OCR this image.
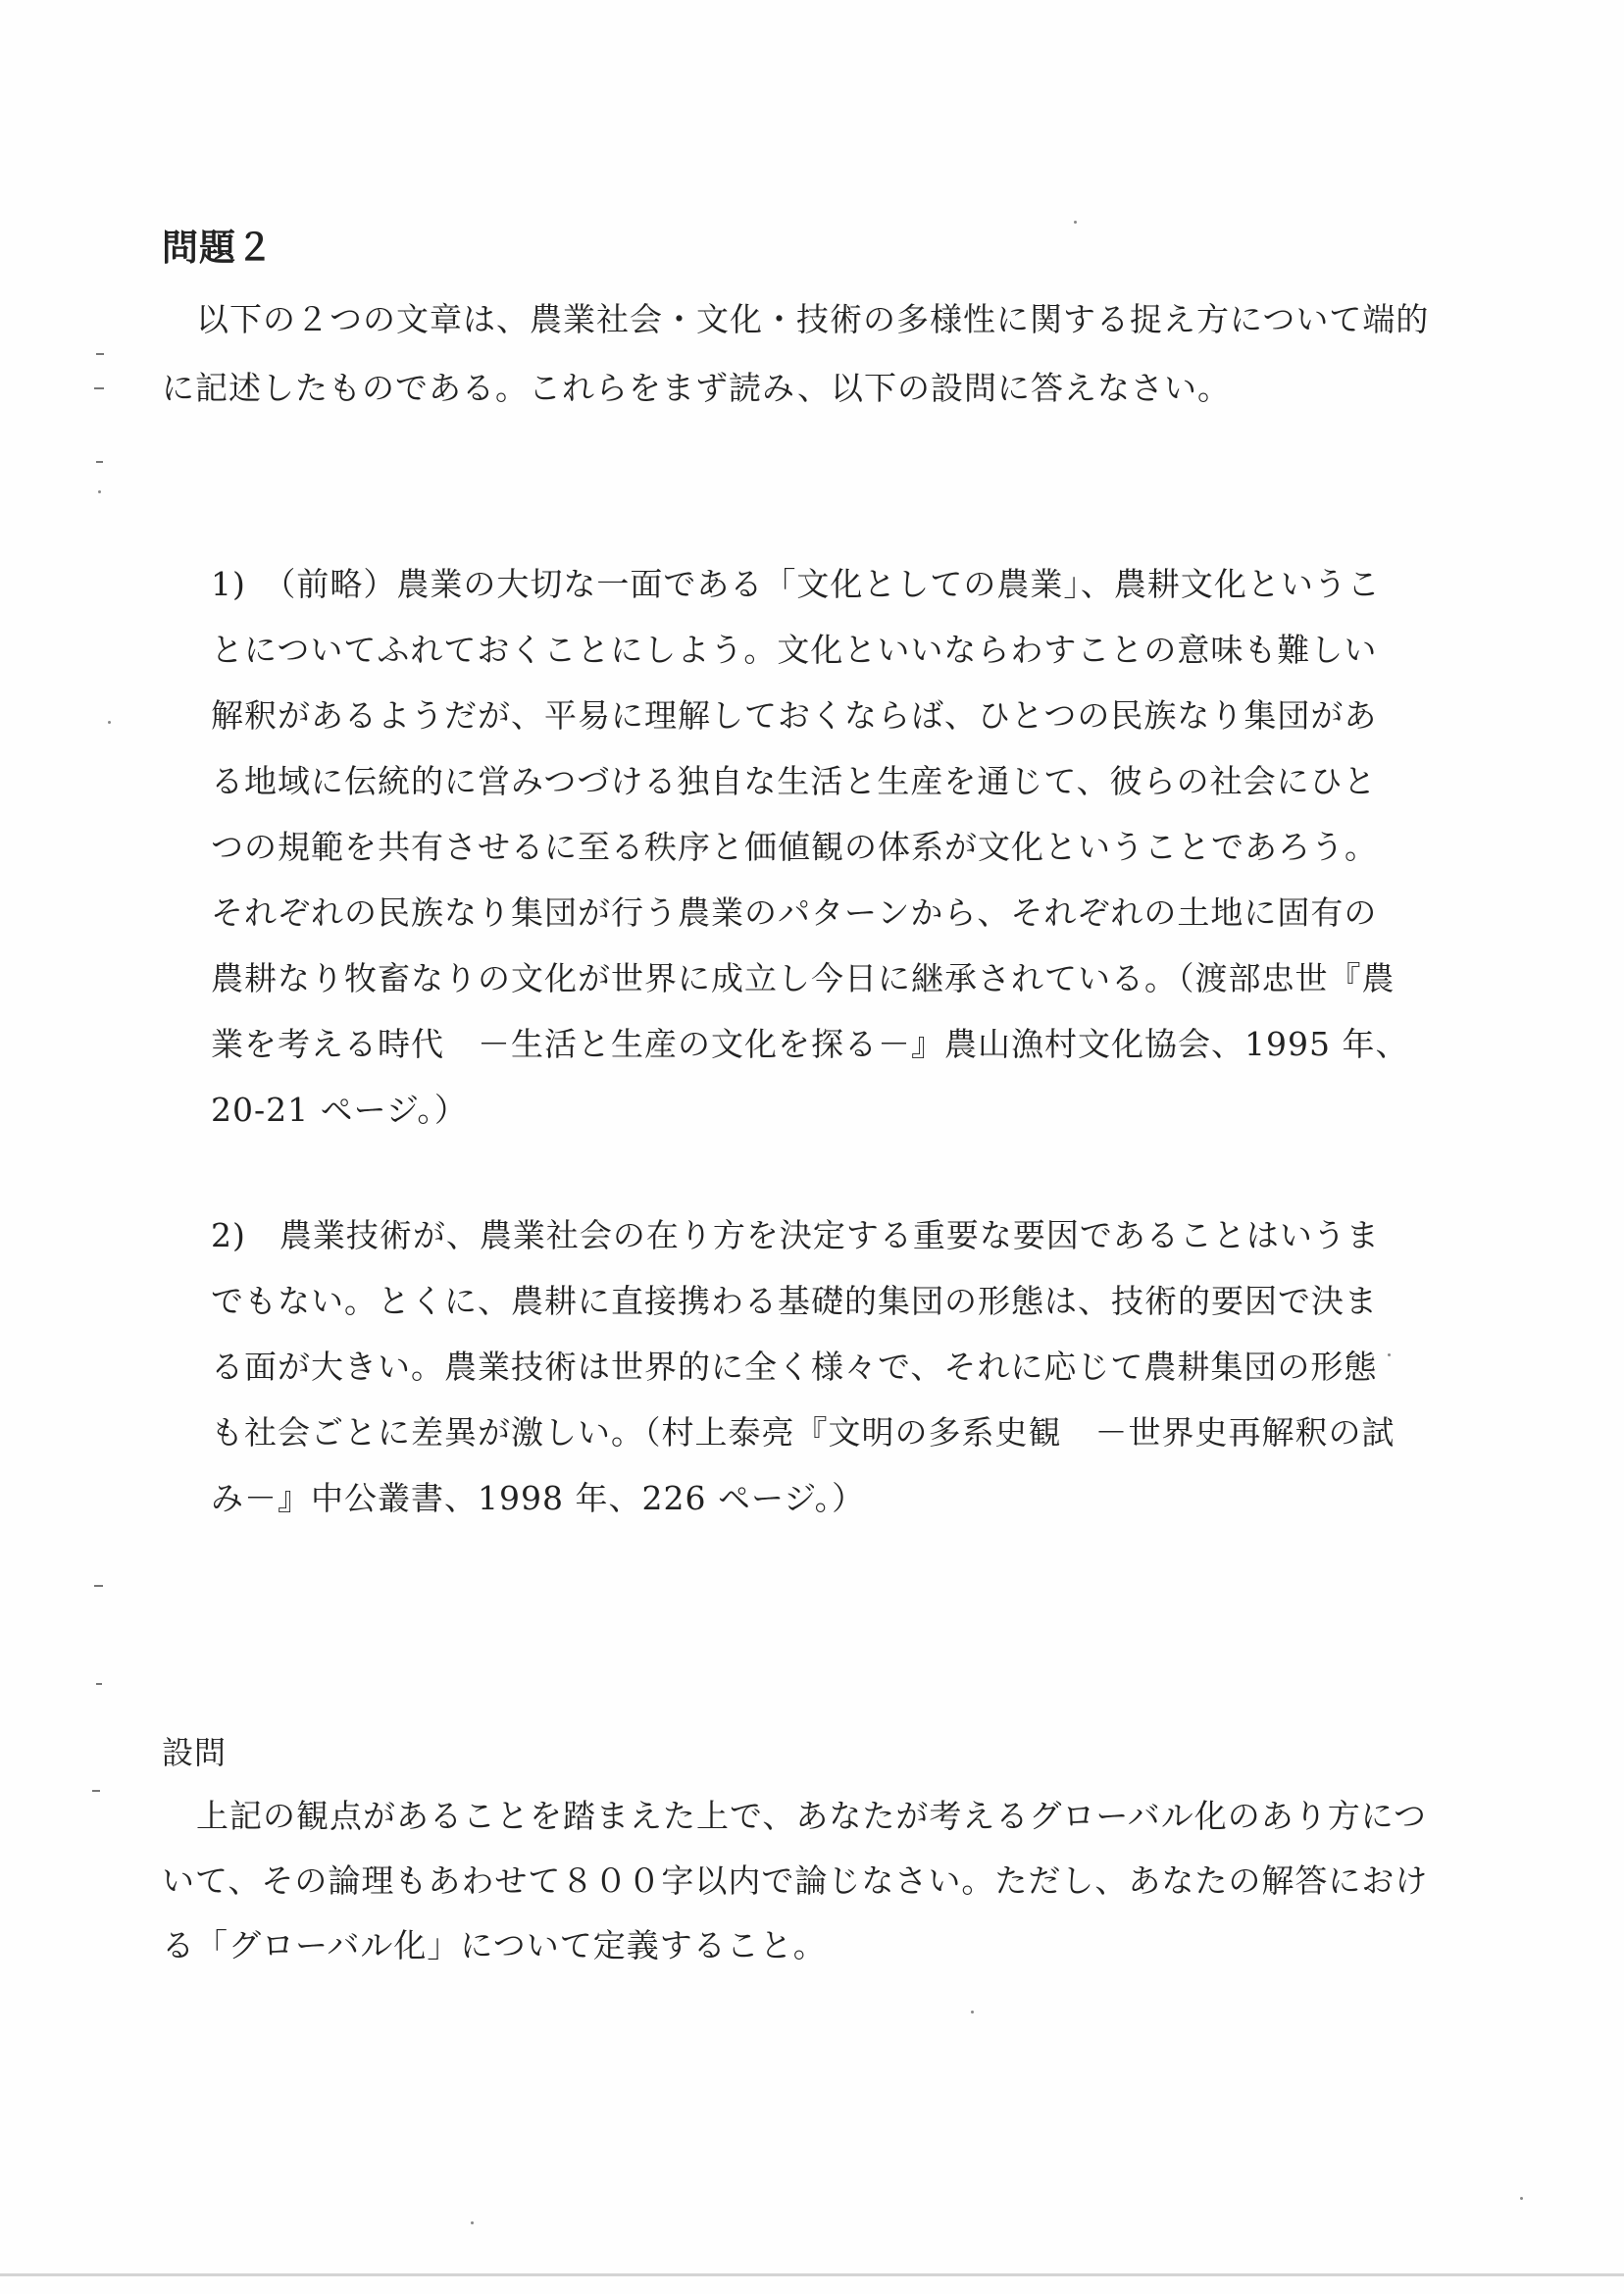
問題２
以下の２つの文章は、農業社会・文化・技術の多様性に関する捉え方について端的
に記述したものである。これらをまず読み、以下の設問に答えなさい。
1)　（前略）農業の大切な一面である「文化としての農業」、農耕文化というこ
とについてふれておくことにしよう。文化といいならわすことの意味も難しい
解釈があるようだが、平易に理解しておくならば、ひとつの民族なり集団があ
る地域に伝統的に営みつづける独自な生活と生産を通じて、彼らの社会にひと
つの規範を共有させるに至る秩序と価値観の体系が文化ということであろう。
それぞれの民族なり集団が行う農業のパターンから、それぞれの土地に固有の
農耕なり牧畜なりの文化が世界に成立し今日に継承されている。（渡部忠世『農
業を考える時代　－生活と生産の文化を探る－』農山漁村文化協会、1995 年、
20-21 ページ。）
2)　農業技術が、農業社会の在り方を決定する重要な要因であることはいうま
でもない。とくに、農耕に直接携わる基礎的集団の形態は、技術的要因で決ま
る面が大きい。農業技術は世界的に全く様々で、それに応じて農耕集団の形態
も社会ごとに差異が激しい。（村上泰亮『文明の多系史観　－世界史再解釈の試
み－』中公叢書、1998 年、226 ページ。）
設問
上記の観点があることを踏まえた上で、あなたが考えるグローバル化のあり方につ
いて、その論理もあわせて８００字以内で論じなさい。ただし、あなたの解答におけ
る「グローバル化」について定義すること。
